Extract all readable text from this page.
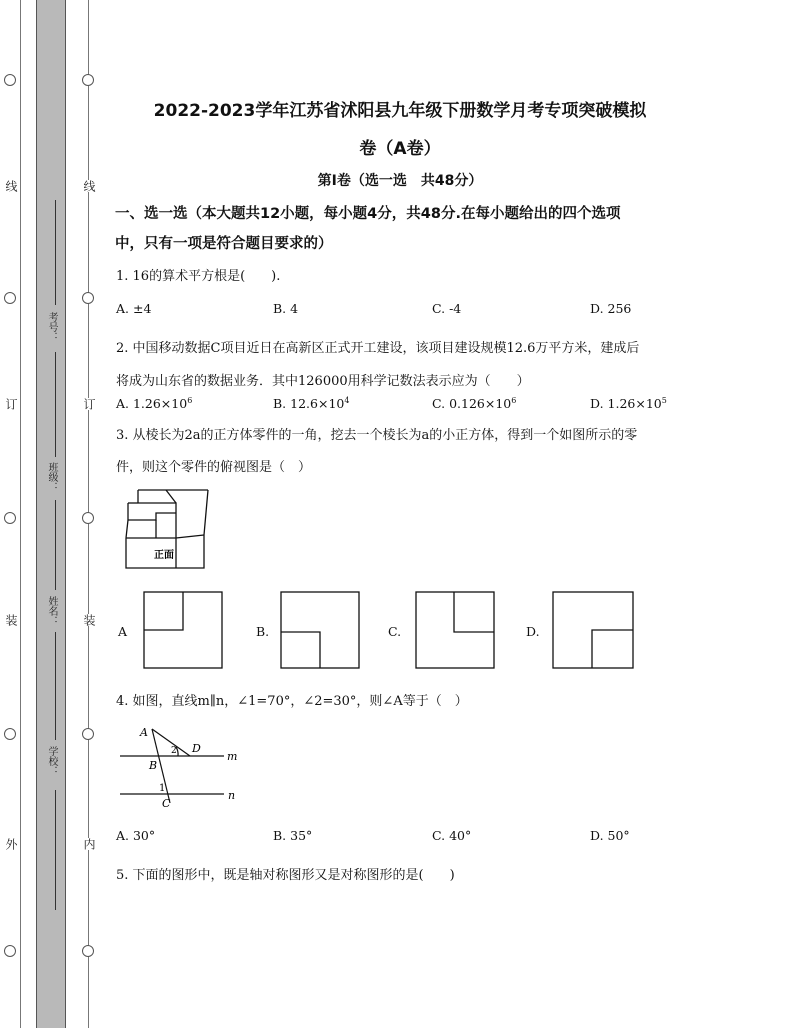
线
订
装
外
线
订
装
内
考号：
班级：
姓名：
学校：
2022-2023学年江苏省沭阳县九年级下册数学月考专项突破模拟
卷（A卷）
第I卷（选一选　共48分）
一、选一选（本大题共12小题，每小题4分，共48分.在每小题给出的四个选项
中，只有一项是符合题目要求的）
1. 16的算术平方根是(　　).
A. ±4	B. 4	C. -4	D. 256
2. 中国移动数据C项目近日在高新区正式开工建设，该项目建设规模12.6万平方米，建成后
将成为山东省的数据业务．其中126000用科学记数法表示应为（　　）
A. $1.26\times 10^6$	B. $12.6\times 10^4$	C. $0.126\times 10^6$	D. $1.26\times 10^5$
3. 从棱长为2a的正方体零件的一角，挖去一个棱长为a的小正方体，得到一个如图所示的零
件，则这个零件的俯视图是（　）
正面
A	B.	C.	D.
4. 如图，直线m∥n，∠1=70°，∠2=30°，则∠A等于（　）
A
B
C
D
m
n
1
2
A. 30°	B. 35°	C. 40°	D. 50°
5. 下面的图形中，既是轴对称图形又是对称图形的是(　　)
